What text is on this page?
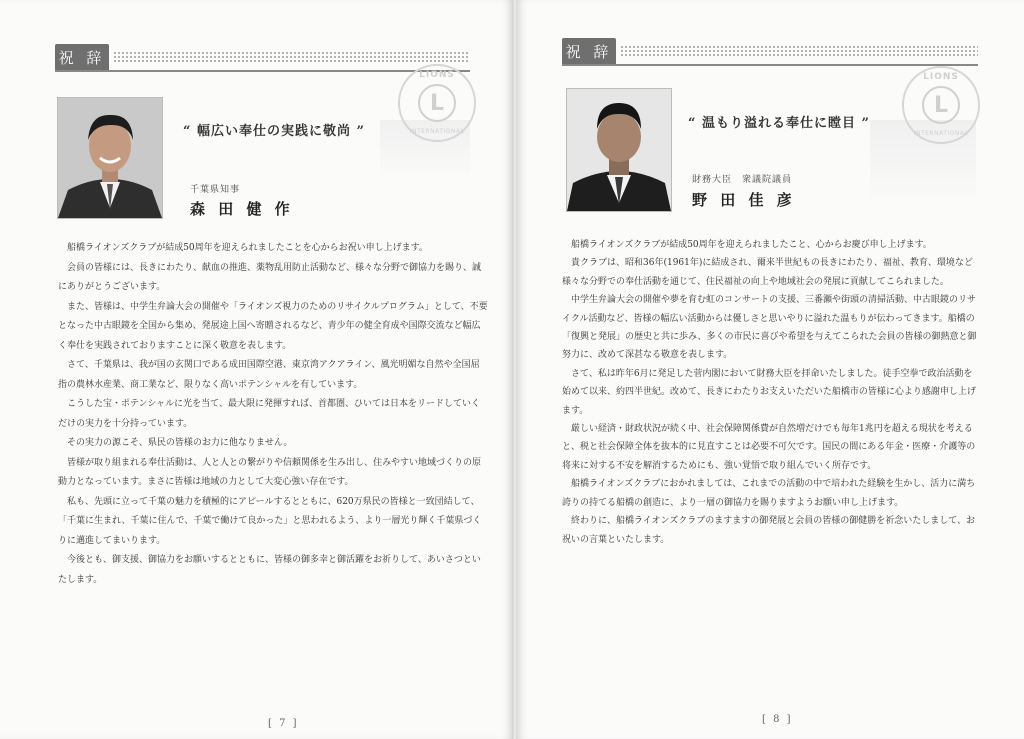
祝 辞
LIONS
L
INTERNATIONAL
“ 幅広い奉仕の実践に敬尚 ”
千葉県知事
森 田 健 作

船橋ライオンズクラブが結成50周年を迎えられましたことを心からお祝い申し上げます。

会員の皆様には、長きにわたり、献血の推進、薬物乱用防止活動など、様々な分野で御協力を賜り、誠にありがとうございます。

また、皆様は、中学生弁論大会の開催や「ライオンズ視力のためのリサイクルプログラム」として、不要となった中古眼鏡を全国から集め、発展途上国へ寄贈されるなど、青少年の健全育成や国際交流など幅広く奉仕を実践されておりますことに深く敬意を表します。

さて、千葉県は、我が国の玄関口である成田国際空港、東京湾アクアライン、風光明媚な自然や全国屈指の農林水産業、商工業など、限りなく高いポテンシャルを有しています。

こうした宝・ポテンシャルに光を当て、最大限に発揮すれば、首都圏、ひいては日本をリードしていくだけの実力を十分持っています。

その実力の源こそ、県民の皆様のお力に他なりません。

皆様が取り組まれる奉仕活動は、人と人との繋がりや信頼関係を生み出し、住みやすい地域づくりの原動力となっています。まさに皆様は地域の力として大変心強い存在です。

私も、先頭に立って千葉の魅力を積極的にアピールするとともに、620万県民の皆様と一致団結して、「千葉に生まれ、千葉に住んで、千葉で働けて良かった」と思われるよう、より一層光り輝く千葉県づくりに邁進してまいります。

今後とも、御支援、御協力をお願いするとともに、皆様の御多幸と御活躍をお祈りして、あいさつといたします。

[ 7 ]
祝 辞
LIONS
L
INTERNATIONAL
“ 温もり溢れる奉仕に瞠目 ”
財務大臣　衆議院議員
野 田 佳 彦

船橋ライオンズクラブが結成50周年を迎えられましたこと、心からお慶び申し上げます。

貴クラブは、昭和36年(1961年)に結成され、爾来半世紀もの長きにわたり、福祉、教育、環境など様々な分野での奉仕活動を通じて、住民福祉の向上や地域社会の発展に貢献してこられました。

中学生弁論大会の開催や夢を育む虹のコンサートの支援、三番瀬や街頭の清掃活動、中古眼鏡のリサイクル活動など、皆様の幅広い活動からは優しさと思いやりに溢れた温もりが伝わってきます。船橋の「復興と発展」の歴史と共に歩み、多くの市民に喜びや希望を与えてこられた会員の皆様の御熱意と御努力に、改めて深甚なる敬意を表します。

さて、私は昨年6月に発足した菅内閣において財務大臣を拝命いたしました。徒手空拳で政治活動を始めて以来、約四半世紀。改めて、長きにわたりお支えいただいた船橋市の皆様に心より感謝申し上げます。

厳しい経済・財政状況が続く中、社会保障関係費が自然増だけでも毎年1兆円を超える現状を考えると、税と社会保障全体を抜本的に見直すことは必要不可欠です。国民の間にある年金・医療・介護等の将来に対する不安を解消するためにも、強い覚悟で取り組んでいく所存です。

船橋ライオンズクラブにおかれましては、これまでの活動の中で培われた経験を生かし、活力に満ち誇りの持てる船橋の創造に、より一層の御協力を賜りますようお願い申し上げます。

終わりに、船橋ライオンズクラブのますますの御発展と会員の皆様の御健勝を祈念いたしまして、お祝いの言葉といたします。

[ 8 ]
